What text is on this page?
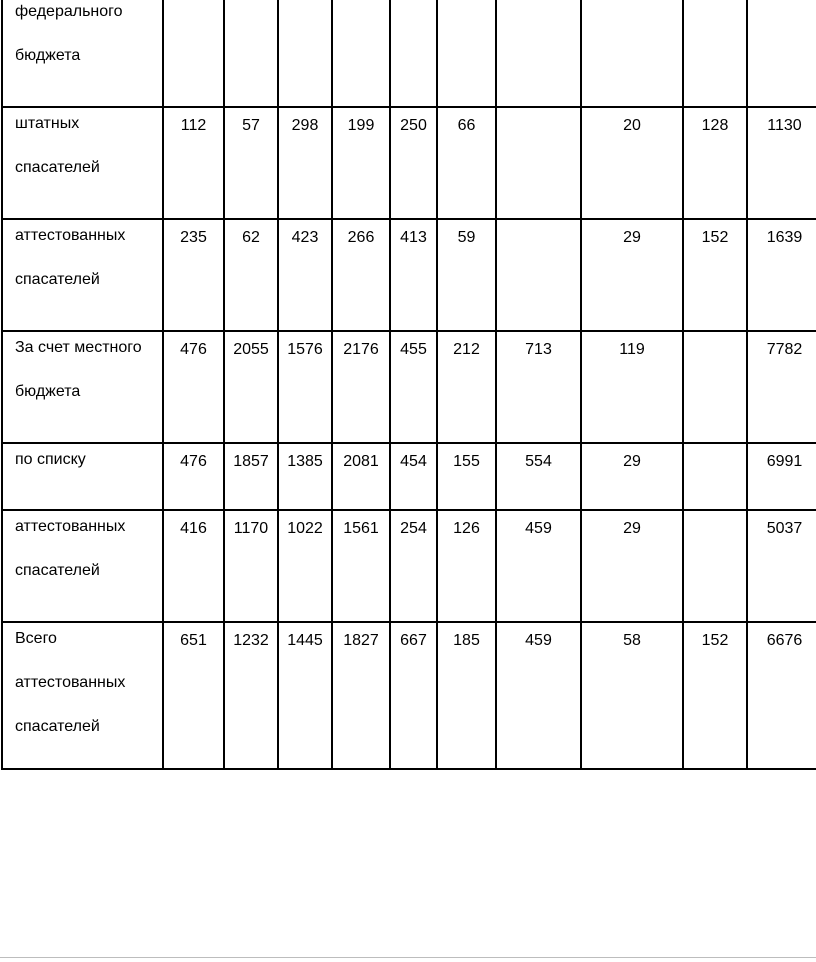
федерального бюджета										

штатных спасателей	112	57	298	199	250	66		20	128	1130

аттестованных спасателей	235	62	423	266	413	59		29	152	1639

За счет местного бюджета	476	2055	1576	2176	455	212	713	119		7782

по списку	476	1857	1385	2081	454	155	554	29		6991

аттестованных спасателей	416	1170	1022	1561	254	126	459	29		5037

Всего аттестованных спасателей	651	1232	1445	1827	667	185	459	58	152	6676
